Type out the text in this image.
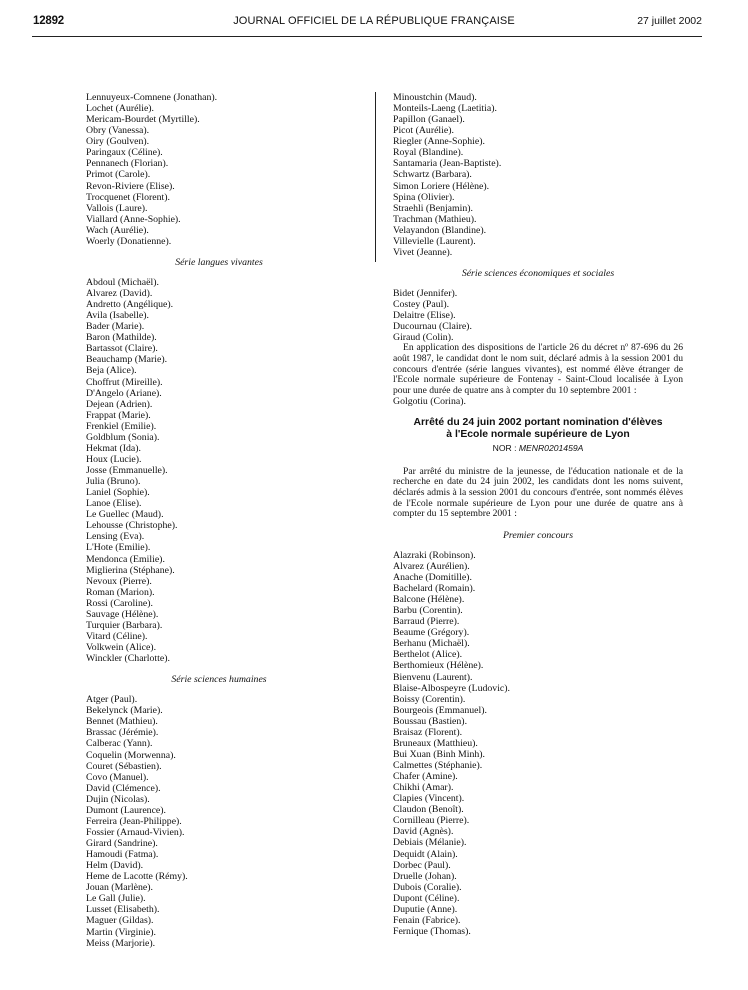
12892	JOURNAL OFFICIEL DE LA RÉPUBLIQUE FRANÇAISE	27 juillet 2002
Lennuyeux-Comnene (Jonathan).
Lochet (Aurélie).
Mericam-Bourdet (Myrtille).
Obry (Vanessa).
Oiry (Goulven).
Paringaux (Céline).
Pennanech (Florian).
Primot (Carole).
Revon-Riviere (Elise).
Trocquenet (Florent).
Vallois (Laure).
Viallard (Anne-Sophie).
Wach (Aurélie).
Woerly (Donatienne).
Série langues vivantes
Abdoul (Michaël).
Alvarez (David).
Andretto (Angélique).
Avila (Isabelle).
Bader (Marie).
Baron (Mathilde).
Bartassot (Claire).
Beauchamp (Marie).
Beja (Alice).
Choffrut (Mireille).
D'Angelo (Ariane).
Dejean (Adrien).
Frappat (Marie).
Frenkiel (Emilie).
Goldblum (Sonia).
Hekmat (Ida).
Houx (Lucie).
Josse (Emmanuelle).
Julia (Bruno).
Laniel (Sophie).
Lanoe (Elise).
Le Guellec (Maud).
Lehousse (Christophe).
Lensing (Eva).
L'Hote (Emilie).
Mendonca (Emilie).
Miglierina (Stéphane).
Nevoux (Pierre).
Roman (Marion).
Rossi (Caroline).
Sauvage (Hélène).
Turquier (Barbara).
Vitard (Céline).
Volkwein (Alice).
Winckler (Charlotte).
Série sciences humaines
Atger (Paul).
Bekelynck (Marie).
Bennet (Mathieu).
Brassac (Jérémie).
Calberac (Yann).
Coquelin (Morwenna).
Couret (Sébastien).
Covo (Manuel).
David (Clémence).
Dujin (Nicolas).
Dumont (Laurence).
Ferreira (Jean-Philippe).
Fossier (Arnaud-Vivien).
Girard (Sandrine).
Hamoudi (Fatma).
Helm (David).
Heme de Lacotte (Rémy).
Jouan (Marlène).
Le Gall (Julie).
Lusset (Elisabeth).
Maguer (Gildas).
Martin (Virginie).
Meiss (Marjorie).
Minoustchin (Maud).
Monteils-Laeng (Laetitia).
Papillon (Ganael).
Picot (Aurélie).
Riegler (Anne-Sophie).
Royal (Blandine).
Santamaria (Jean-Baptiste).
Schwartz (Barbara).
Simon Loriere (Hélène).
Spina (Olivier).
Straehli (Benjamin).
Trachman (Mathieu).
Velayandon (Blandine).
Villevielle (Laurent).
Vivet (Jeanne).
Série sciences économiques et sociales
Bidet (Jennifer).
Costey (Paul).
Delaitre (Elise).
Ducournau (Claire).
Giraud (Colin).
En application des dispositions de l'article 26 du décret nº 87-696 du 26 août 1987, le candidat dont le nom suit, déclaré admis à la session 2001 du concours d'entrée (série langues vivantes), est nommé élève étranger de l'Ecole normale supérieure de Fontenay - Saint-Cloud localisée à Lyon pour une durée de quatre ans à compter du 10 septembre 2001 :
Golgotiu (Corina).
Arrêté du 24 juin 2002 portant nomination d'élèves
à l'Ecole normale supérieure de Lyon
NOR : MENR0201459A
Par arrêté du ministre de la jeunesse, de l'éducation nationale et de la recherche en date du 24 juin 2002, les candidats dont les noms suivent, déclarés admis à la session 2001 du concours d'entrée, sont nommés élèves de l'Ecole normale supérieure de Lyon pour une durée de quatre ans à compter du 15 septembre 2001 :
Premier concours
Alazraki (Robinson).
Alvarez (Aurélien).
Anache (Domitille).
Bachelard (Romain).
Balcone (Hélène).
Barbu (Corentin).
Barraud (Pierre).
Beaume (Grégory).
Berhanu (Michaël).
Berthelot (Alice).
Berthomieux (Hélène).
Bienvenu (Laurent).
Blaise-Albospeyre (Ludovic).
Boissy (Corentin).
Bourgeois (Emmanuel).
Boussau (Bastien).
Braisaz (Florent).
Bruneaux (Matthieu).
Bui Xuan (Binh Minh).
Calmettes (Stéphanie).
Chafer (Amine).
Chikhi (Amar).
Clapies (Vincent).
Claudon (Benoît).
Cornilleau (Pierre).
David (Agnès).
Debiais (Mélanie).
Dequidt (Alain).
Dorbec (Paul).
Druelle (Johan).
Dubois (Coralie).
Dupont (Céline).
Duputie (Anne).
Fenain (Fabrice).
Fernique (Thomas).
